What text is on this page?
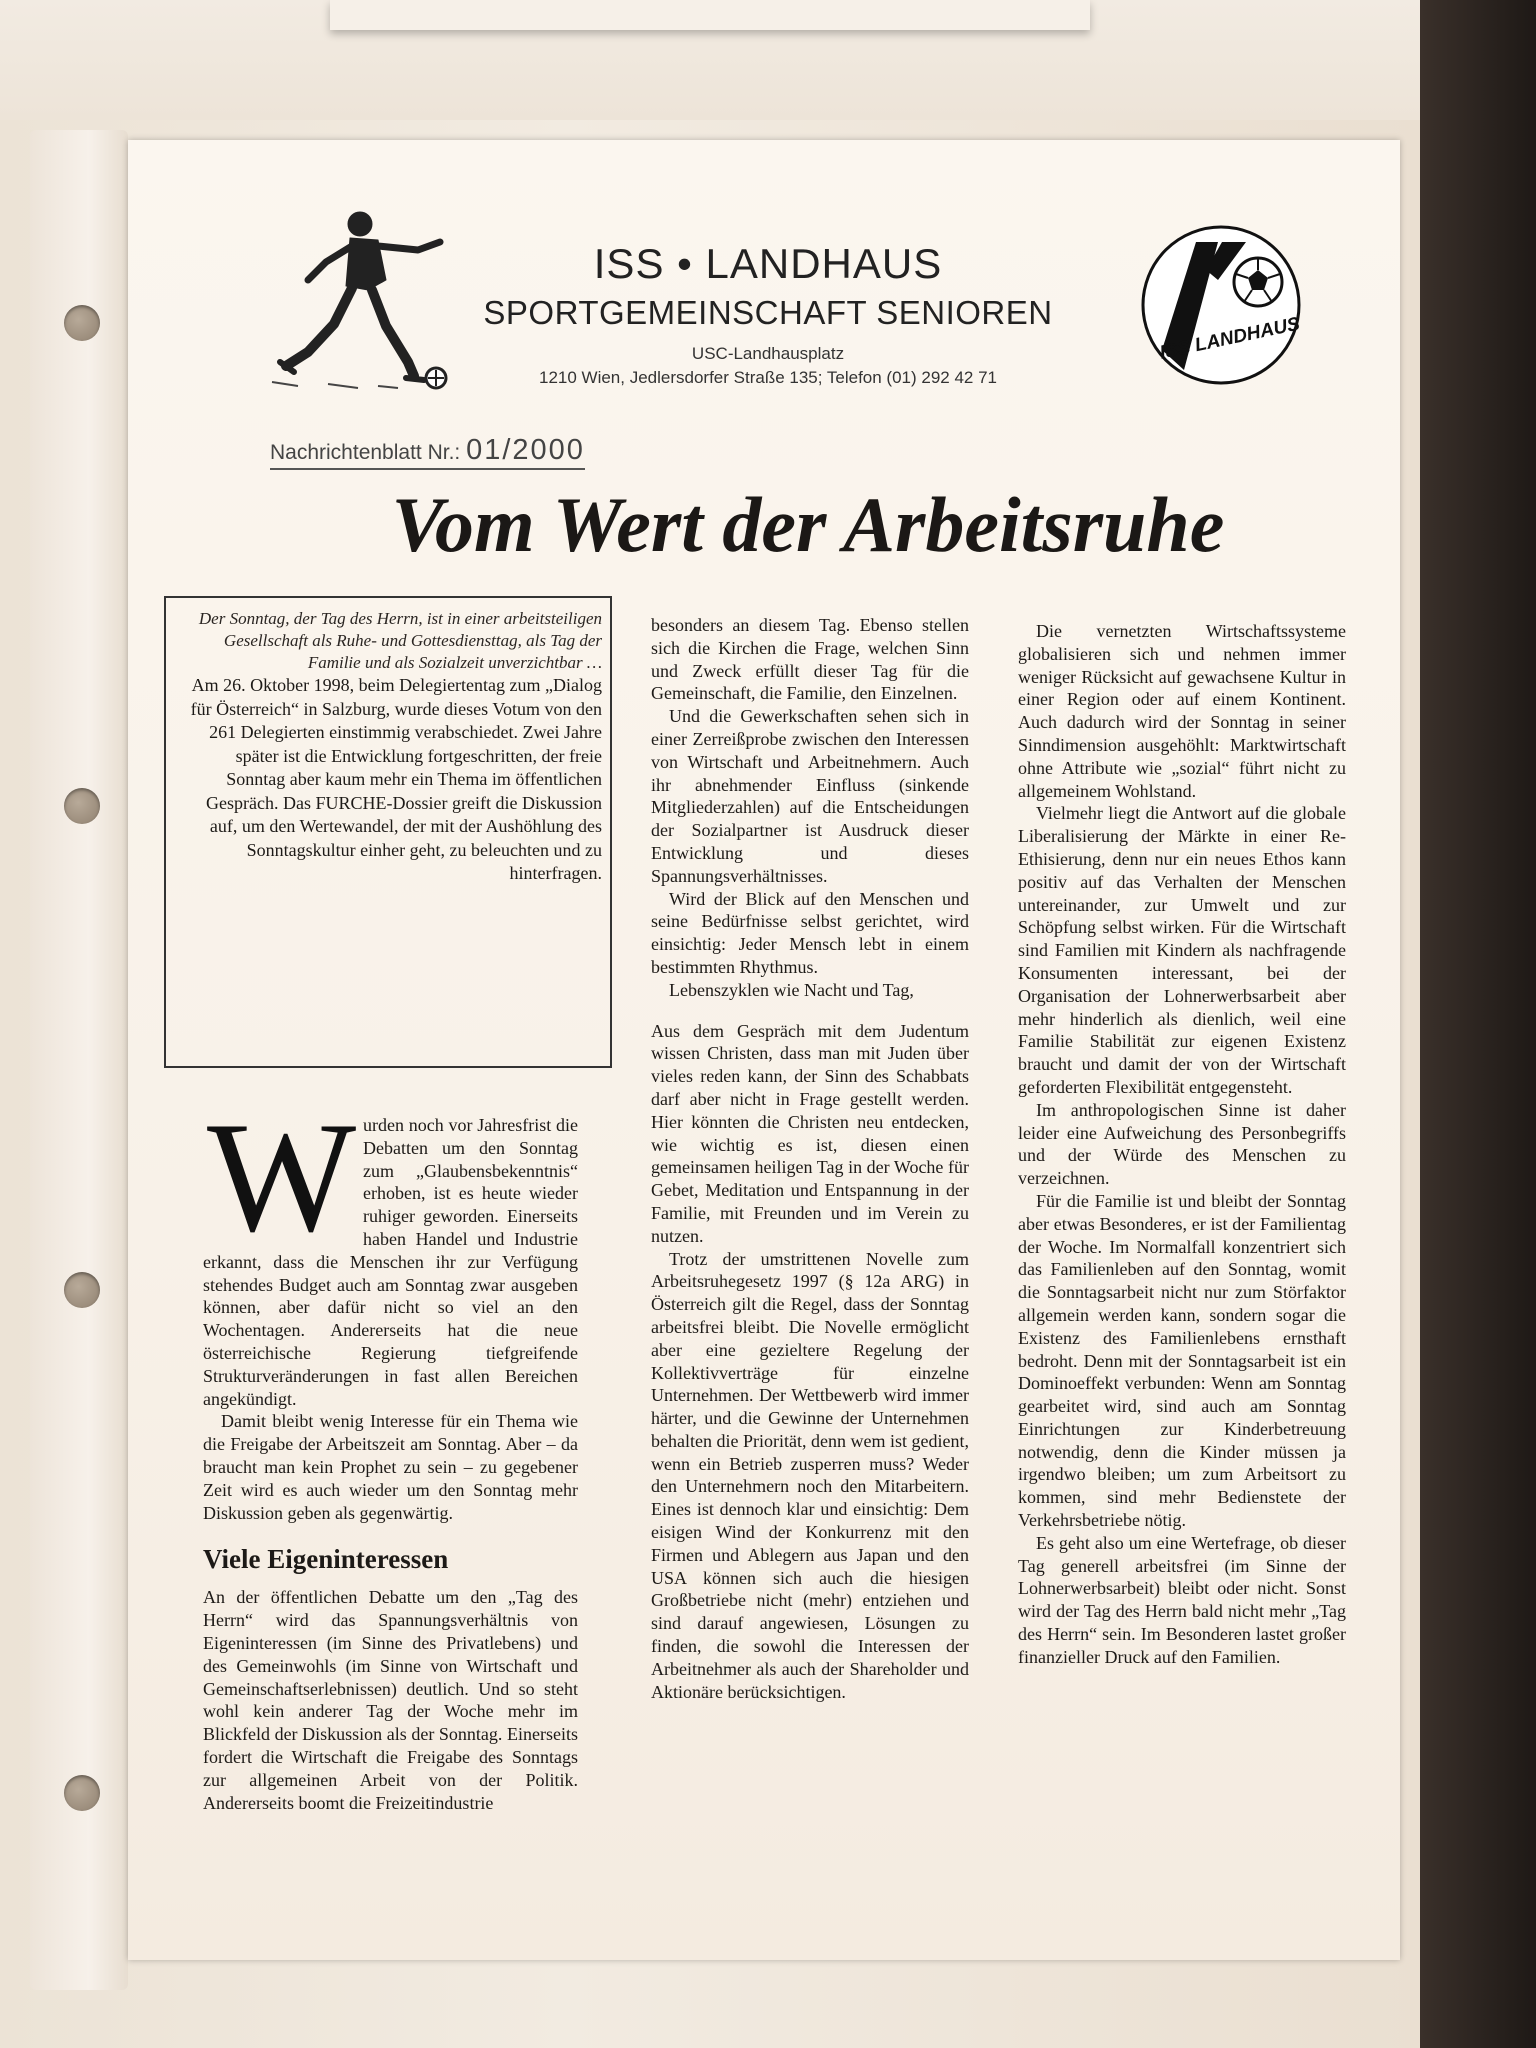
ISS • LANDHAUS
SPORTGEMEINSCHAFT SENIOREN
USC-Landhausplatz
1210 Wien, Jedlersdorfer Straße 135; Telefon (01) 292 42 71
ISS LANDHAUS
Nachrichtenblatt Nr.: 01/2000
Vom Wert der Arbeitsruhe

Der Sonntag, der Tag des Herrn, ist in einer arbeitsteiligen Gesellschaft als Ruhe- und Gottesdiensttag, als Tag der Familie und als Sozialzeit unverzichtbar …

Am 26. Oktober 1998, beim Delegiertentag zum „Dialog für Österreich“ in Salzburg, wurde dieses Votum von den 261 Delegierten einstimmig verabschiedet. Zwei Jahre später ist die Entwicklung fortgeschritten, der freie Sonntag aber kaum mehr ein Thema im öffentlichen Gespräch. Das FURCHE-Dossier greift die Diskussion auf, um den Wertewandel, der mit der Aushöhlung des Sonntagskultur einher geht, zu beleuchten und zu hinterfragen.

Wurden noch vor Jahresfrist die Debatten um den Sonntag zum „Glaubensbekenntnis“ erhoben, ist es heute wieder ruhiger geworden. Einerseits haben Handel und Industrie erkannt, dass die Menschen ihr zur Verfügung stehendes Budget auch am Sonntag zwar ausgeben können, aber dafür nicht so viel an den Wochentagen. Andererseits hat die neue österreichische Regierung tiefgreifende Strukturveränderungen in fast allen Bereichen angekündigt.

Damit bleibt wenig Interesse für ein Thema wie die Freigabe der Arbeitszeit am Sonntag. Aber – da braucht man kein Prophet zu sein – zu gegebener Zeit wird es auch wieder um den Sonntag mehr Diskussion geben als gegenwärtig.

Viele Eigeninteressen

An der öffentlichen Debatte um den „Tag des Herrn“ wird das Spannungsverhältnis von Eigeninteressen (im Sinne des Privatlebens) und des Gemeinwohls (im Sinne von Wirtschaft und Gemeinschaftserlebnissen) deutlich. Und so steht wohl kein anderer Tag der Woche mehr im Blickfeld der Diskussion als der Sonntag. Einerseits fordert die Wirtschaft die Freigabe des Sonntags zur allgemeinen Arbeit von der Politik. Andererseits boomt die Freizeitindustrie

besonders an diesem Tag. Ebenso stellen sich die Kirchen die Frage, welchen Sinn und Zweck erfüllt dieser Tag für die Gemeinschaft, die Familie, den Einzelnen.

Und die Gewerkschaften sehen sich in einer Zerreißprobe zwischen den Interessen von Wirtschaft und Arbeitnehmern. Auch ihr abnehmender Einfluss (sinkende Mitgliederzahlen) auf die Entscheidungen der Sozialpartner ist Ausdruck dieser Entwicklung und dieses Spannungsverhältnisses.

Wird der Blick auf den Menschen und seine Bedürfnisse selbst gerichtet, wird einsichtig: Jeder Mensch lebt in einem bestimmten Rhythmus.

Lebenszyklen wie Nacht und Tag,

Aus dem Gespräch mit dem Judentum wissen Christen, dass man mit Juden über vieles reden kann, der Sinn des Schabbats darf aber nicht in Frage gestellt werden. Hier könnten die Christen neu entdecken, wie wichtig es ist, diesen einen gemeinsamen heiligen Tag in der Woche für Gebet, Meditation und Entspannung in der Familie, mit Freunden und im Verein zu nutzen.

Trotz der umstrittenen Novelle zum Arbeitsruhegesetz 1997 (§ 12a ARG) in Österreich gilt die Regel, dass der Sonntag arbeitsfrei bleibt. Die Novelle ermöglicht aber eine gezieltere Regelung der Kollektivverträge für einzelne Unternehmen. Der Wettbewerb wird immer härter, und die Gewinne der Unternehmen behalten die Priorität, denn wem ist gedient, wenn ein Betrieb zusperren muss? Weder den Unternehmern noch den Mitarbeitern. Eines ist dennoch klar und einsichtig: Dem eisigen Wind der Konkurrenz mit den Firmen und Ablegern aus Japan und den USA können sich auch die hiesigen Großbetriebe nicht (mehr) entziehen und sind darauf angewiesen, Lösungen zu finden, die sowohl die Interessen der Arbeitnehmer als auch der Shareholder und Aktionäre berücksichtigen.

Die vernetzten Wirtschaftssysteme globalisieren sich und nehmen immer weniger Rücksicht auf gewachsene Kultur in einer Region oder auf einem Kontinent. Auch dadurch wird der Sonntag in seiner Sinndimension ausgehöhlt: Marktwirtschaft ohne Attribute wie „sozial“ führt nicht zu allgemeinem Wohlstand.

Vielmehr liegt die Antwort auf die globale Liberalisierung der Märkte in einer Re-Ethisierung, denn nur ein neues Ethos kann positiv auf das Verhalten der Menschen untereinander, zur Umwelt und zur Schöpfung selbst wirken. Für die Wirtschaft sind Familien mit Kindern als nachfragende Konsumenten interessant, bei der Organisation der Lohnerwerbsarbeit aber mehr hinderlich als dienlich, weil eine Familie Stabilität zur eigenen Existenz braucht und damit der von der Wirtschaft geforderten Flexibilität entgegensteht.

Im anthropologischen Sinne ist daher leider eine Aufweichung des Personbegriffs und der Würde des Menschen zu verzeichnen.

Für die Familie ist und bleibt der Sonntag aber etwas Besonderes, er ist der Familientag der Woche. Im Normalfall konzentriert sich das Familienleben auf den Sonntag, womit die Sonntagsarbeit nicht nur zum Störfaktor allgemein werden kann, sondern sogar die Existenz des Familienlebens ernsthaft bedroht. Denn mit der Sonntagsarbeit ist ein Dominoeffekt verbunden: Wenn am Sonntag gearbeitet wird, sind auch am Sonntag Einrichtungen zur Kinderbetreuung notwendig, denn die Kinder müssen ja irgendwo bleiben; um zum Arbeitsort zu kommen, sind mehr Bedienstete der Verkehrsbetriebe nötig.

Es geht also um eine Wertefrage, ob dieser Tag generell arbeitsfrei (im Sinne der Lohnerwerbsarbeit) bleibt oder nicht. Sonst wird der Tag des Herrn bald nicht mehr „Tag des Herrn“ sein. Im Besonderen lastet großer finanzieller Druck auf den Familien.
